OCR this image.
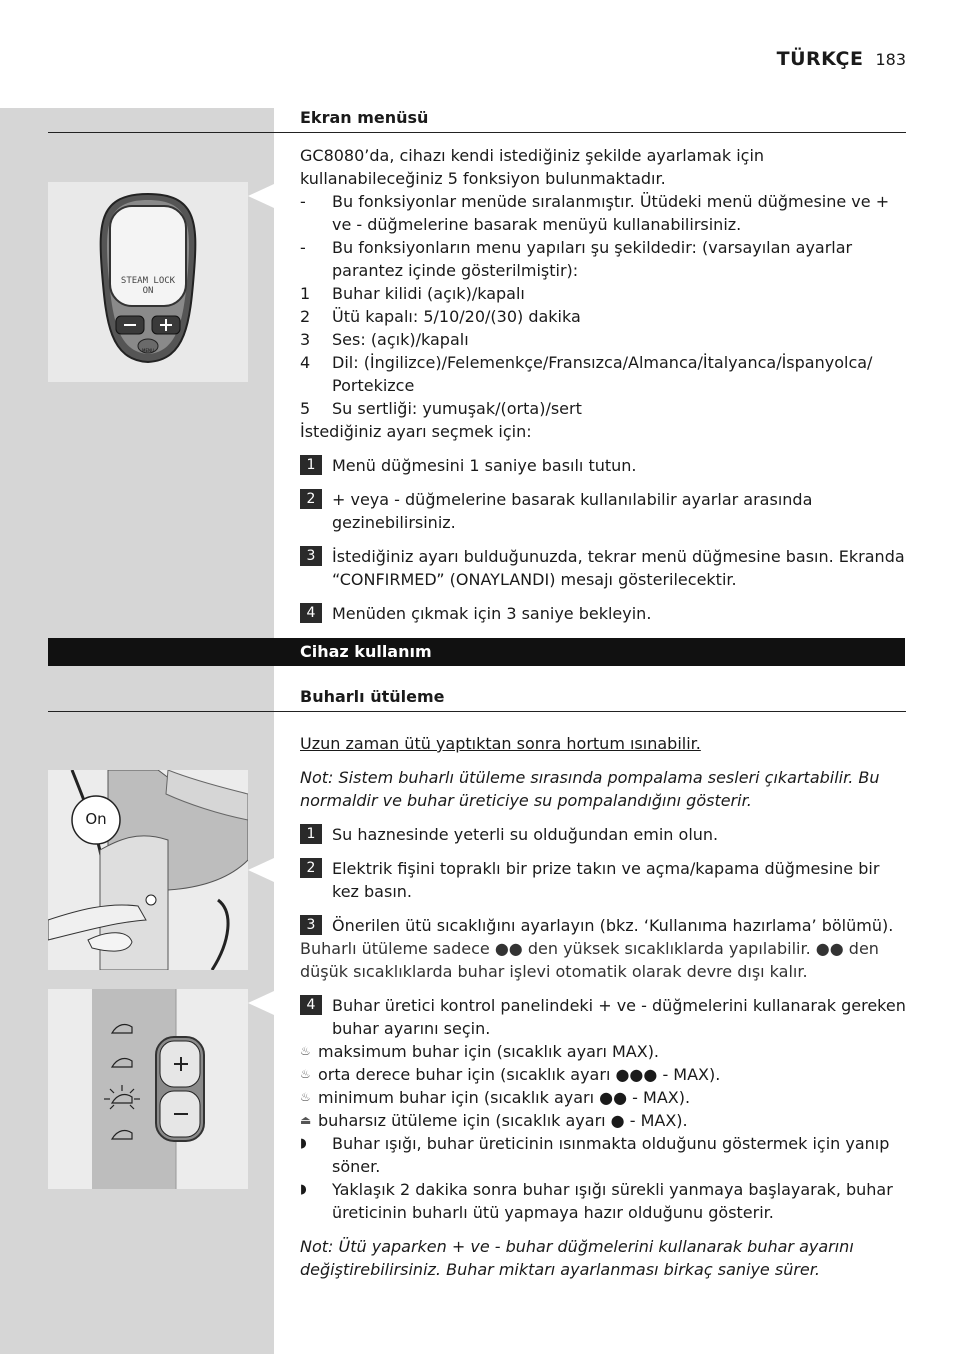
TÜRKÇE 183
Ekran menüsü
STEAM LOCK
ON
MENU

GC8080’da, cihazı kendi istediğiniz şekilde ayarlamak için kullanabileceğiniz 5 fonksiyon bulunmaktadır.

-	Bu fonksiyonlar menüde sıralanmıştır. Ütüdeki menü düğmesine ve + ve - düğmelerine basarak menüyü kullanabilirsiniz.
-	Bu fonksiyonların menu yapıları şu şekildedir: (varsayılan ayarlar parantez içinde gösterilmiştir):
1	Buhar kilidi (açık)/kapalı
2	Ütü kapalı: 5/10/20/(30) dakika
3	Ses: (açık)/kapalı
4	Dil: (İngilizce)/Felemenkçe/Fransızca/Almanca/İtalyanca/İspanyolca/ Portekizce
5	Su sertliği: yumuşak/(orta)/sert

İstediğiniz ayarı seçmek için:

1	Menü düğmesini 1 saniye basılı tutun.
2	+ veya - düğmelerine basarak kullanılabilir ayarlar arasında gezinebilirsiniz.
3	İstediğiniz ayarı bulduğunuzda, tekrar menü düğmesine basın. Ekranda “CONFIRMED” (ONAYLANDI) mesajı gösterilecektir.
4	Menüden çıkmak için 3 saniye bekleyin.
Cihaz kullanım
Buharlı ütüleme
On

Uzun zaman ütü yaptıktan sonra hortum ısınabilir.

Not: Sistem buharlı ütüleme sırasında pompalama sesleri çıkartabilir. Bu normaldir ve buhar üreticiye su pompalandığını gösterir.

1	Su haznesinde yeterli su olduğundan emin olun.
2	Elektrik fişini topraklı bir prize takın ve açma/kapama düğmesine bir kez basın.
3	Önerilen ütü sıcaklığını ayarlayın (bkz. ‘Kullanıma hazırlama’ bölümü).

Buharlı ütüleme sadece ●● den yüksek sıcaklıklarda yapılabilir. ●● den düşük sıcaklıklarda buhar işlevi otomatik olarak devre dışı kalır.

4	Buhar üretici kontrol panelindeki + ve - düğmelerini kullanarak gereken buhar ayarını seçin.
♨ maksimum buhar için (sıcaklık ayarı MAX).
♨ orta derece buhar için (sıcaklık ayarı ●●● - MAX).
♨ minimum buhar için (sıcaklık ayarı ●● - MAX).
⏏ buharsız ütüleme için (sıcaklık ayarı ● - MAX).
◗	Buhar ışığı, buhar üreticinin ısınmakta olduğunu göstermek için yanıp söner.
◗	Yaklaşık 2 dakika sonra buhar ışığı sürekli yanmaya başlayarak, buhar üreticinin buharlı ütü yapmaya hazır olduğunu gösterir.

Not: Ütü yaparken + ve - buhar düğmelerini kullanarak buhar ayarını değiştirebilirsiniz. Buhar miktarı ayarlanması birkaç saniye sürer.
